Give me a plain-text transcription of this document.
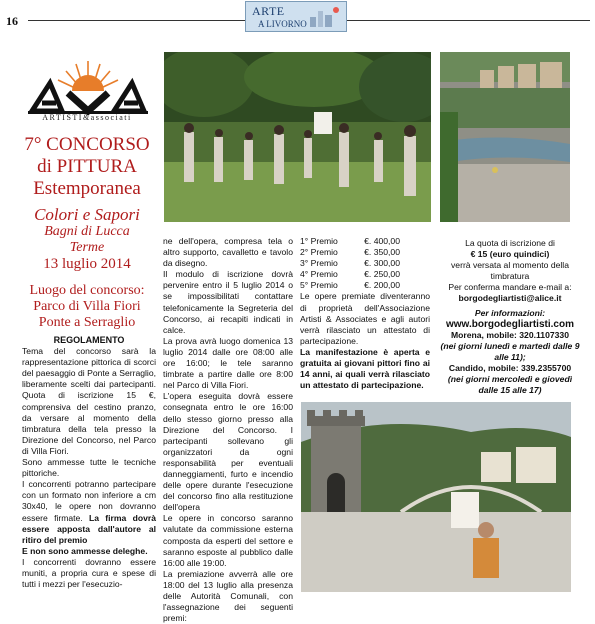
16
ARTE
A LIVORNO
ARTISTI&associati
7° CONCORSO
di PITTURA
Estemporanea
Colori e Sapori
Bagni di Lucca
Terme
13 luglio 2014
Luogo del concorso:
Parco di Villa Fiori
Ponte a Serraglio

REGOLAMENTO

Tema del concorso sarà la rappresentazione pittorica di scorci del paesaggio di Ponte a Serraglio, liberamente scelti dai partecipanti. Quota di iscrizione 15 €, comprensiva del cestino pranzo, da versare al momento della timbratura della tela presso la Direzione del Concorso, nel Parco di Villa Fiori.

Sono ammesse tutte le tecniche pittoriche.

I concorrenti potranno partecipare con un formato non inferiore a cm 30x40, le opere non dovranno essere firmate. La firma dovrà essere apposta dall'autore al ritiro del premio

E non sono ammesse deleghe.

I concorrenti dovranno essere muniti, a propria cura e spese di tutti i mezzi per l'esecuzio-

ne dell'opera, compresa tela o altro supporto, cavalletto e tavolo da disegno.

Il modulo di iscrizione dovrà pervenire entro il 5 luglio 2014 o se impossibilitati contattare telefonicamente la Segreteria del Concorso, ai recapiti indicati in calce.

La prova avrà luogo domenica 13 luglio 2014 dalle ore 08:00 alle ore 16:00; le tele saranno timbrate a partire dalle ore 8:00 nel Parco di Villa Fiori.

L'opera eseguita dovrà essere consegnata entro le ore 16:00 dello stesso giorno presso alla Direzione del Concorso. I partecipanti sollevano gli organizzatori da ogni responsabilità per eventuali danneggiamenti, furto e incendio delle opere durante l'esecuzione del concorso fino alla restituzione dell'opera

Le opere in concorso saranno valutate da commissione esterna composta da esperti del settore e saranno esposte al pubblico dalle 16:00 alle 19:00.

La premiazione avverrà alle ore 18:00 del 13 luglio alla presenza delle Autorità Comunali, con l'assegnazione dei seguenti premi:

1° Premio	€. 400,00
2° Premio	€. 350,00
3° Premio	€. 300,00
4° Premio	€. 250,00
5° Premio	€. 200,00

Le opere premiate diventeranno di proprietà dell'Associazione Artisti & Associates e agli autori verrà rilasciato un attestato di partecipazione.

La manifestazione è aperta e gratuita ai giovani pittori fino ai 14 anni, ai quali verrà rilasciato un attestato di partecipazione.

La quota di iscrizione di

€ 15 (euro quindici)

verrà versata al momento della timbratura

Per conferma mandare e-mail a:

borgodegliartisti@alice.it

Per informazioni:

www.borgodegliartisti.com

Morena, mobile: 320.1107330

(nei giorni lunedì e martedì dalle 9 alle 11);

Candido, mobile: 339.2355700

(nei giorni mercoledì e giovedì dalle 15 alle 17)
